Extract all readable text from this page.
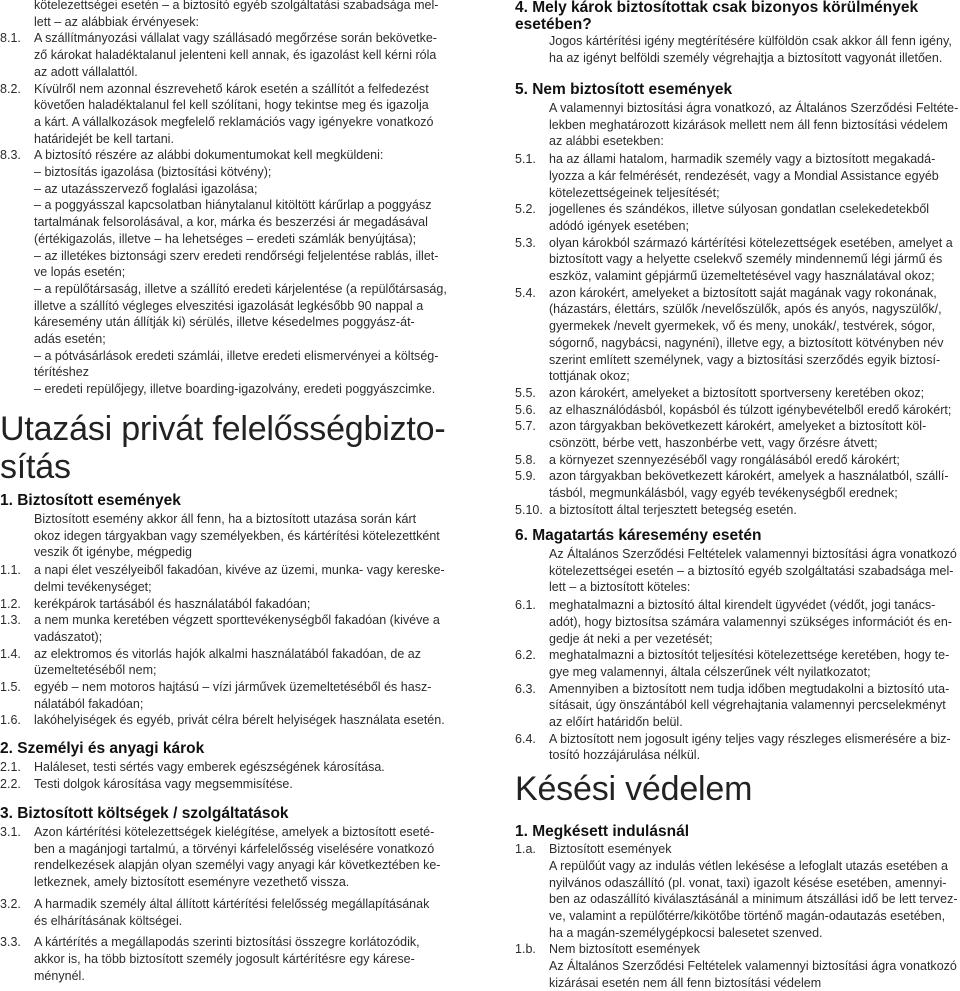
kötelezettségei esetén – a biztosító egyéb szolgáltatási szabadsága mel-
lett – az alábbiak érvényesek:
8.1. A szállítmányozási vállalat vagy szállásadó megőrzése során bekövetke-
ző károkat haladéktalanul jelenteni kell annak, és igazolást kell kérni róla
az adott vállalattól.
8.2. Kívülről nem azonnal észrevehető károk esetén a szállítót a felfedezést
követően haladéktalanul fel kell szólítani, hogy tekintse meg és igazolja
a kárt. A vállalkozások megfelelő reklamációs vagy igényekre vonatkozó
határidejét be kell tartani.
8.3. A biztosító részére az alábbi dokumentumokat kell megküldeni:
– biztosítás igazolása (biztosítási kötvény);
– az utazásszervező foglalási igazolása;
– a poggyásszal kapcsolatban hiánytalanul kitöltött kárűrlap a poggyász
tartalmának felsorolásával, a kor, márka és beszerzési ár megadásával
(értékigazolás, illetve – ha lehetséges – eredeti számlák benyújtása);
– az illetékes biztonsági szerv eredeti rendőrségi feljelentése rablás, illet-
ve lopás esetén;
– a repülőtársaság, illetve a szállító eredeti kárjelentése (a repülőtársaság,
illetve a szállító végleges elveszitési igazolását legkésőbb 90 nappal a
káresemény után állítják ki) sérülés, illetve késedelmes poggyász-át-
adás esetén;
– a pótvásárlások eredeti számlái, illetve eredeti elismervényei a költség-
térítéshez
– eredeti repülőjegy, illetve boarding-igazolvány, eredeti poggyászcimke.
Utazási privát felelősségbizto-
sítás
1. Biztosított események
Biztosított esemény akkor áll fenn, ha a biztosított utazása során kárt
okoz idegen tárgyakban vagy személyekben, és kártérítési kötelezettként
veszik őt igénybe, mégpedig
1.1. a napi élet veszélyeiből fakadóan, kivéve az üzemi, munka- vagy kereske-
delmi tevékenységet;
1.2. kerékpárok tartásából és használatából fakadóan;
1.3. a nem munka keretében végzett sporttevékenységből fakadóan (kivéve a
vadászatot);
1.4. az elektromos és vitorlás hajók alkalmi használatából fakadóan, de az
üzemeltetéséből nem;
1.5. egyéb – nem motoros hajtású – vízi járművek üzemeltetéséből és hasz-
nálatából fakadóan;
1.6. lakóhelyiségek és egyéb, privát célra bérelt helyiségek használata esetén.
2. Személyi és anyagi károk
2.1. Haláleset, testi sértés vagy emberek egészségének károsítása.
2.2. Testi dolgok károsítása vagy megsemmisítése.
3. Biztosított költségek / szolgáltatások
3.1. Azon kártérítési kötelezettségek kielégítése, amelyek a biztosított eseté-
ben a magánjogi tartalmú, a törvényi kárfelelősség viselésére vonatkozó
rendelkezések alapján olyan személyi vagy anyagi kár következtében ke-
letkeznek, amely biztosított eseményre vezethető vissza.
3.2. A harmadik személy által állított kártérítési felelősség megállapításának
és elhárításának költségei.
3.3. A kártérítés a megállapodás szerinti biztosítási összegre korlátozódik,
akkor is, ha több biztosított személy jogosult kártérítésre egy kárese-
ménynél.
4. Mely károk biztosítottak csak bizonyos körülmények
esetében?
Jogos kártérítési igény megtérítésére külföldön csak akkor áll fenn igény,
ha az igényt belföldi személy végrehajtja a biztosított vagyonát illetően.
5. Nem biztosított események
A valamennyi biztosítási ágra vonatkozó, az Általános Szerződési Feltéte-
lekben meghatározott kizárások mellett nem áll fenn biztosítási védelem
az alábbi esetekben:
5.1. ha az állami hatalom, harmadik személy vagy a biztosított megakadá-
lyozza a kár felmérését, rendezését, vagy a Mondial Assistance egyéb
kötelezettségeinek teljesítését;
5.2. jogellenes és szándékos, illetve súlyosan gondatlan cselekedetekből
adódó igények esetében;
5.3. olyan károkból származó kártérítési kötelezettségek esetében, amelyet a
biztosított vagy a helyette cselekvő személy mindennemű légi jármű és
eszköz, valamint gépjármű üzemeltetésével vagy használatával okoz;
5.4. azon károkért, amelyeket a biztosított saját magának vagy rokonának,
(házastárs, élettárs, szülők /nevelőszülők, após és anyós, nagyszülők/,
gyermekek /nevelt gyermekek, vő és meny, unokák/, testvérek, sógor,
sógornő, nagybácsi, nagynéni), illetve egy, a biztosított kötvényben név
szerint említett személynek, vagy a biztosítási szerződés egyik biztosí-
tottjának okoz;
5.5. azon károkért, amelyeket a biztosított sportverseny keretében okoz;
5.6. az elhasználódásból, kopásból és túlzott igénybevételből eredő károkért;
5.7. azon tárgyakban bekövetkezett károkért, amelyeket a biztosított köl-
csönzött, bérbe vett, haszonbérbe vett, vagy őrzésre átvett;
5.8. a környezet szennyezéséből vagy rongálásából eredő károkért;
5.9. azon tárgyakban bekövetkezett károkért, amelyek a használatból, szállí-
tásból, megmunkálásból, vagy egyéb tevékenységből erednek;
5.10. a biztosított által terjesztett betegség esetén.
6. Magatartás káresemény esetén
Az Általános Szerződési Feltételek valamennyi biztosítási ágra vonatkozó
kötelezettségei esetén – a biztosító egyéb szolgáltatási szabadsága mel-
lett – a biztosított köteles:
6.1. meghatalmazni a biztosító által kirendelt ügyvédet (védőt, jogi tanács-
adót), hogy biztosítsa számára valamennyi szükséges információt és en-
gedje át neki a per vezetését;
6.2. meghatalmazni a biztosítót teljesítési kötelezettsége keretében, hogy te-
gye meg valamennyi, általa célszerűnek vélt nyilatkozatot;
6.3. Amennyiben a biztosított nem tudja időben megtudakolni a biztosító uta-
sításait, úgy önszántából kell végrehajtania valamennyi percselekményt
az előírt határidőn belül.
6.4. A biztosított nem jogosult igény teljes vagy részleges elismerésére a biz-
tosító hozzájárulása nélkül.
Késési védelem
1. Megkésett indulásnál
1.a. Biztosított események
A repülőút vagy az indulás vétlen lekésése a lefoglalt utazás esetében a
nyilvános odaszállító (pl. vonat, taxi) igazolt késése esetében, amennyi-
ben az odaszállító kiválasztásánál a minimum átszállási idő be lett tervez-
ve, valamint a repülőtérre/kikötőbe történő magán-odautazás esetében,
ha a magán-személygépkocsi balesetet szenved.
1.b. Nem biztosított események
Az Általános Szerződési Feltételek valamennyi biztosítási ágra vonatkozó
kizárásai esetén nem áll fenn biztosítási védelem
